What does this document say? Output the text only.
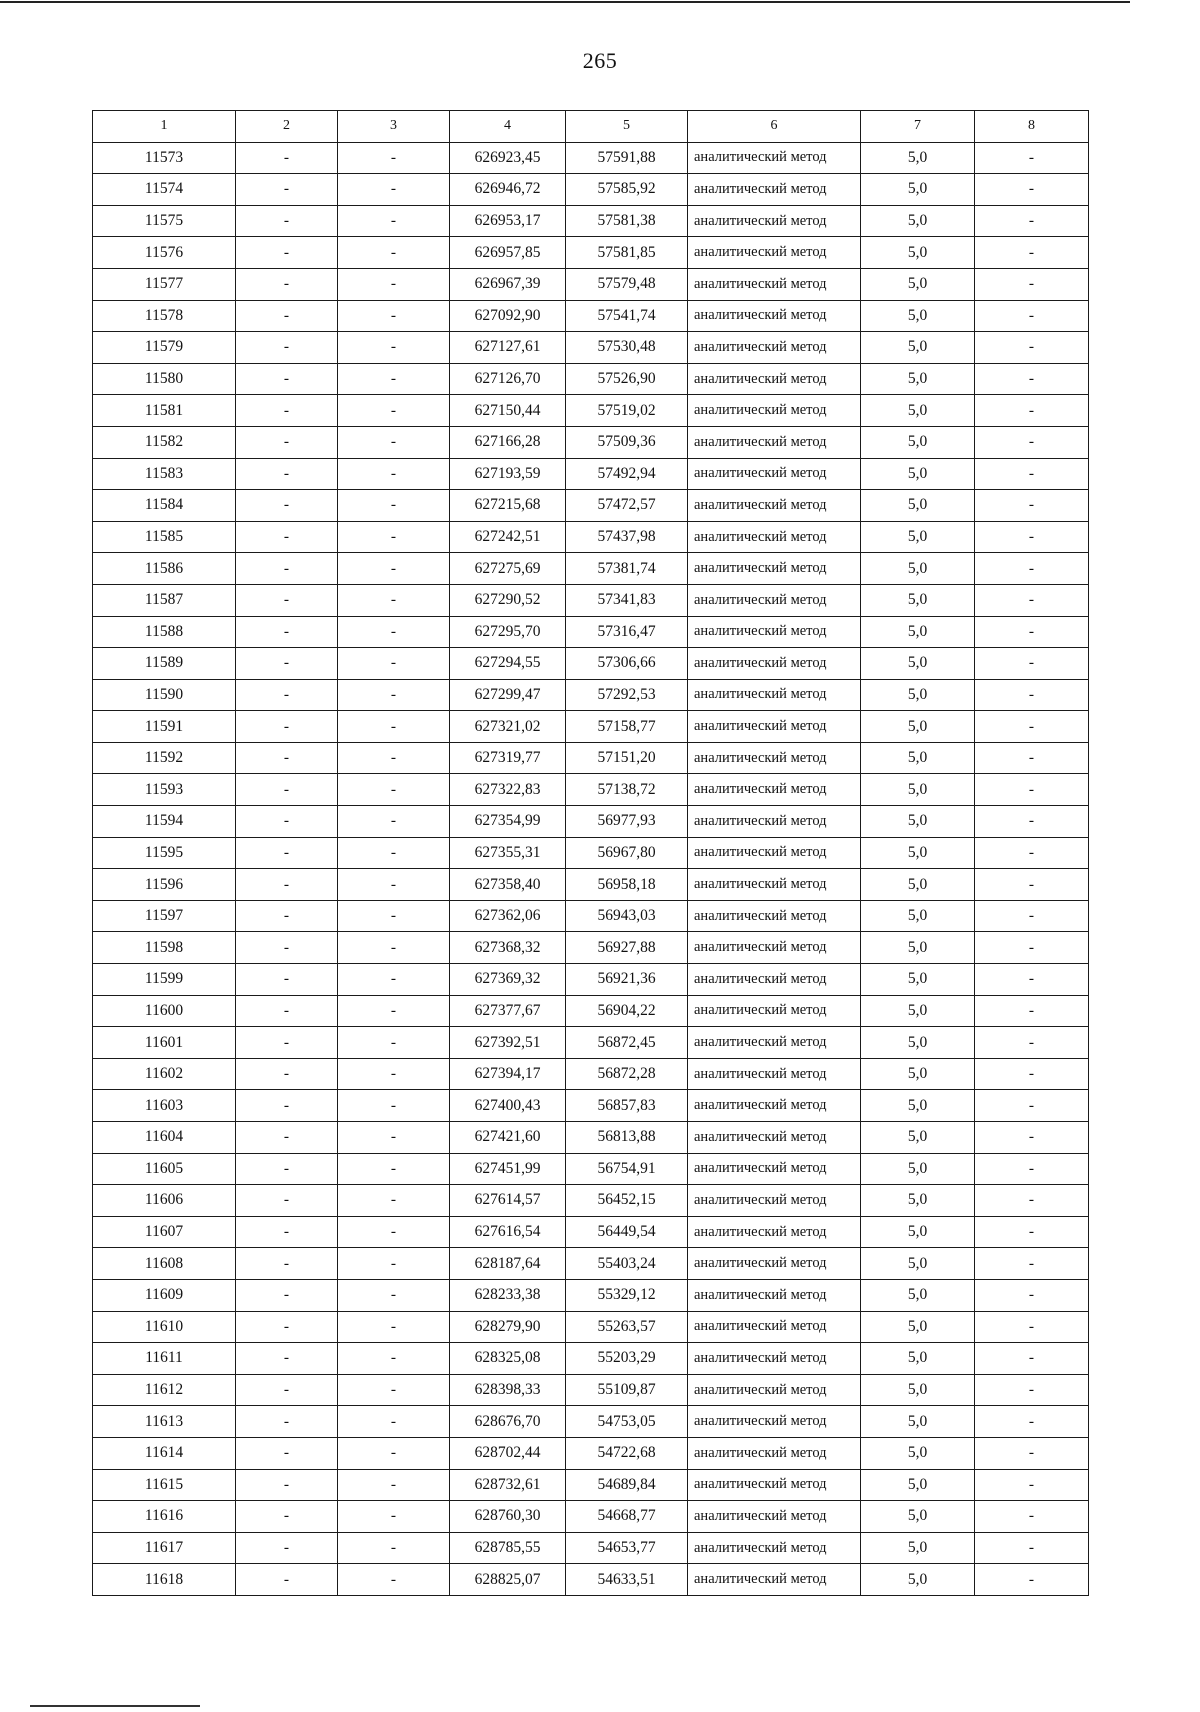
265
1	2	3	4	5	6	7	8
11573	-	-	626923,45	57591,88	аналитический метод	5,0	-
11574	-	-	626946,72	57585,92	аналитический метод	5,0	-
11575	-	-	626953,17	57581,38	аналитический метод	5,0	-
11576	-	-	626957,85	57581,85	аналитический метод	5,0	-
11577	-	-	626967,39	57579,48	аналитический метод	5,0	-
11578	-	-	627092,90	57541,74	аналитический метод	5,0	-
11579	-	-	627127,61	57530,48	аналитический метод	5,0	-
11580	-	-	627126,70	57526,90	аналитический метод	5,0	-
11581	-	-	627150,44	57519,02	аналитический метод	5,0	-
11582	-	-	627166,28	57509,36	аналитический метод	5,0	-
11583	-	-	627193,59	57492,94	аналитический метод	5,0	-
11584	-	-	627215,68	57472,57	аналитический метод	5,0	-
11585	-	-	627242,51	57437,98	аналитический метод	5,0	-
11586	-	-	627275,69	57381,74	аналитический метод	5,0	-
11587	-	-	627290,52	57341,83	аналитический метод	5,0	-
11588	-	-	627295,70	57316,47	аналитический метод	5,0	-
11589	-	-	627294,55	57306,66	аналитический метод	5,0	-
11590	-	-	627299,47	57292,53	аналитический метод	5,0	-
11591	-	-	627321,02	57158,77	аналитический метод	5,0	-
11592	-	-	627319,77	57151,20	аналитический метод	5,0	-
11593	-	-	627322,83	57138,72	аналитический метод	5,0	-
11594	-	-	627354,99	56977,93	аналитический метод	5,0	-
11595	-	-	627355,31	56967,80	аналитический метод	5,0	-
11596	-	-	627358,40	56958,18	аналитический метод	5,0	-
11597	-	-	627362,06	56943,03	аналитический метод	5,0	-
11598	-	-	627368,32	56927,88	аналитический метод	5,0	-
11599	-	-	627369,32	56921,36	аналитический метод	5,0	-
11600	-	-	627377,67	56904,22	аналитический метод	5,0	-
11601	-	-	627392,51	56872,45	аналитический метод	5,0	-
11602	-	-	627394,17	56872,28	аналитический метод	5,0	-
11603	-	-	627400,43	56857,83	аналитический метод	5,0	-
11604	-	-	627421,60	56813,88	аналитический метод	5,0	-
11605	-	-	627451,99	56754,91	аналитический метод	5,0	-
11606	-	-	627614,57	56452,15	аналитический метод	5,0	-
11607	-	-	627616,54	56449,54	аналитический метод	5,0	-
11608	-	-	628187,64	55403,24	аналитический метод	5,0	-
11609	-	-	628233,38	55329,12	аналитический метод	5,0	-
11610	-	-	628279,90	55263,57	аналитический метод	5,0	-
11611	-	-	628325,08	55203,29	аналитический метод	5,0	-
11612	-	-	628398,33	55109,87	аналитический метод	5,0	-
11613	-	-	628676,70	54753,05	аналитический метод	5,0	-
11614	-	-	628702,44	54722,68	аналитический метод	5,0	-
11615	-	-	628732,61	54689,84	аналитический метод	5,0	-
11616	-	-	628760,30	54668,77	аналитический метод	5,0	-
11617	-	-	628785,55	54653,77	аналитический метод	5,0	-
11618	-	-	628825,07	54633,51	аналитический метод	5,0	-
